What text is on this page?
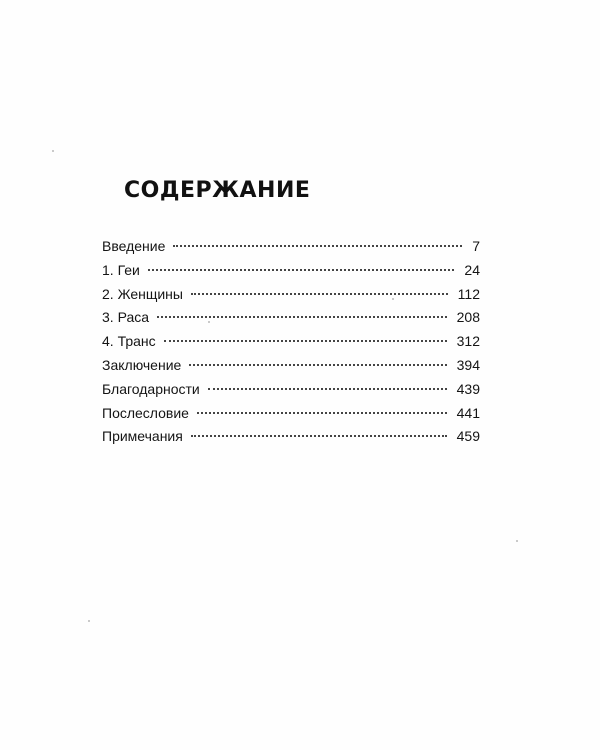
СОДЕРЖАНИЕ
Введение	7
1. Геи	24
2. Женщины	112
3. Раса	208
4. Транс	312
Заключение	394
Благодарности	439
Послесловие	441
Примечания	459
